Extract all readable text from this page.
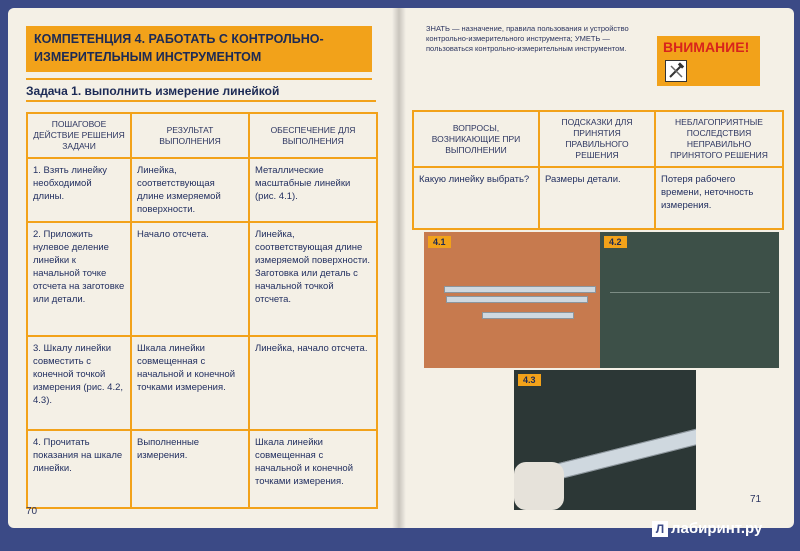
КОМПЕТЕНЦИЯ 4. РАБОТАТЬ С КОНТРОЛЬНО-ИЗМЕРИТЕЛЬНЫМ ИНСТРУМЕНТОМ
Задача 1. выполнить измерение линейкой
ПОШАГОВОЕ ДЕЙСТВИЕ РЕШЕНИЯ ЗАДАЧИ	РЕЗУЛЬТАТ ВЫПОЛНЕНИЯ	ОБЕСПЕЧЕНИЕ ДЛЯ ВЫПОЛНЕНИЯ
1. Взять линейку необходимой длины.	Линейка, соответствующая длине измеряемой поверхности.	Металлические масштабные линейки (рис. 4.1).
2. Приложить нулевое деление линейки к начальной точке отсчета на заготовке или детали.	Начало отсчета.	Линейка, соответствующая длине измеряемой поверхности. Заготовка или деталь с начальной точкой отсчета.
3. Шкалу линейки совместить с конечной точкой измерения (рис. 4.2, 4.3).	Шкала линейки совмещенная с начальной и конечной точками измерения.	Линейка, начало отсчета.
4. Прочитать показания на шкале линейки.	Выполненные измерения.	Шкала линейки совмещенная с начальной и конечной точками измерения.
70
ЗНАТЬ — назначение, правила пользования и устройство контрольно-измерительного инструмента; УМЕТЬ — пользоваться контрольно-измерительным инструментом.	ВНИМАНИЕ!
ВОПРОСЫ, ВОЗНИКАЮЩИЕ ПРИ ВЫПОЛНЕНИИ	ПОДСКАЗКИ ДЛЯ ПРИНЯТИЯ ПРАВИЛЬНОГО РЕШЕНИЯ	НЕБЛАГОПРИЯТНЫЕ ПОСЛЕДСТВИЯ НЕПРАВИЛЬНО ПРИНЯТОГО РЕШЕНИЯ
Какую линейку выбрать?	Размеры детали.	Потеря рабочего времени, неточность измерения.
4.1	4.2
4.3
71
Л лабиринт.ру
